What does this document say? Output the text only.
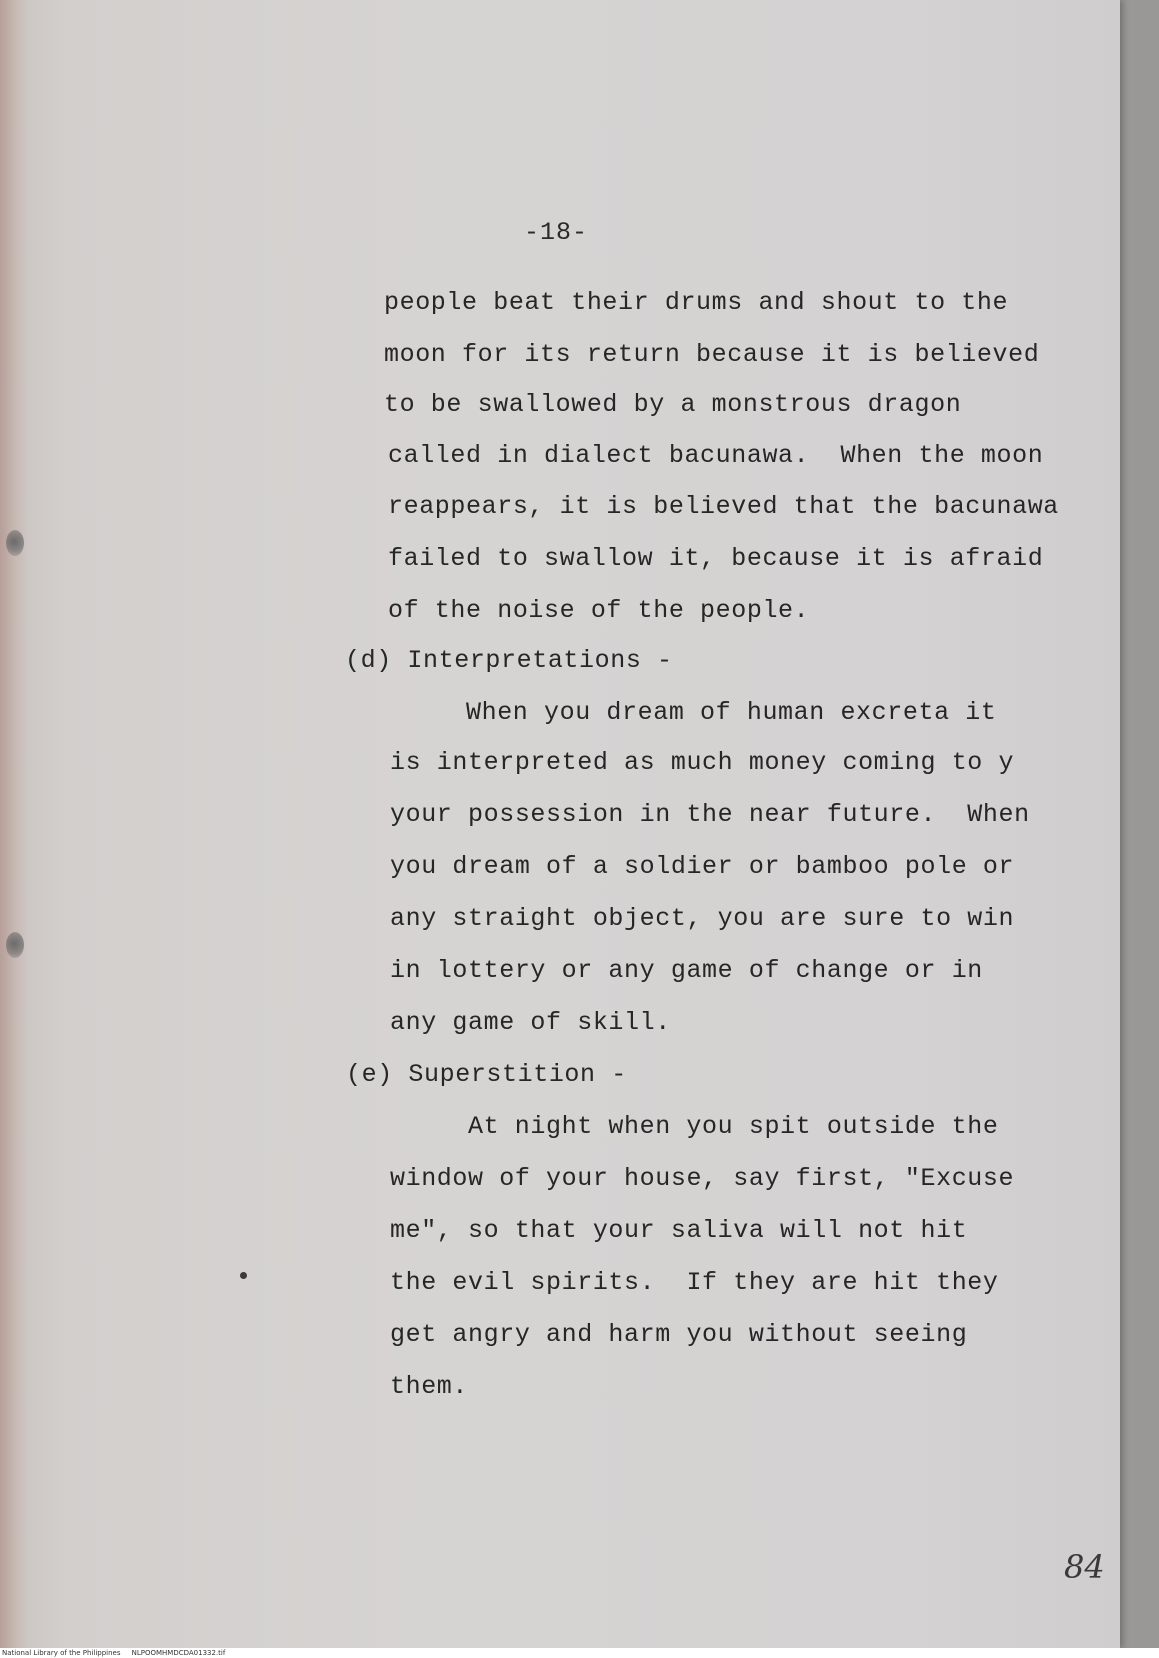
-18-
people beat their drums and shout to the
moon for its return because it is believed
to be swallowed by a monstrous dragon
called in dialect bacunawa.  When the moon
reappears, it is believed that the bacunawa
failed to swallow it, because it is afraid
of the noise of the people.
(d) Interpretations -
When you dream of human excreta it
is interpreted as much money coming to y
your possession in the near future.  When
you dream of a soldier or bamboo pole or
any straight object, you are sure to win
in lottery or any game of change or in
any game of skill.
(e) Superstition -
At night when you spit outside the
window of your house, say first, "Excuse
me", so that your saliva will not hit
the evil spirits.  If they are hit they
get angry and harm you without seeing
them.
84
National Library of the Philippines     NLPOOMHMDCDA01332.tif
